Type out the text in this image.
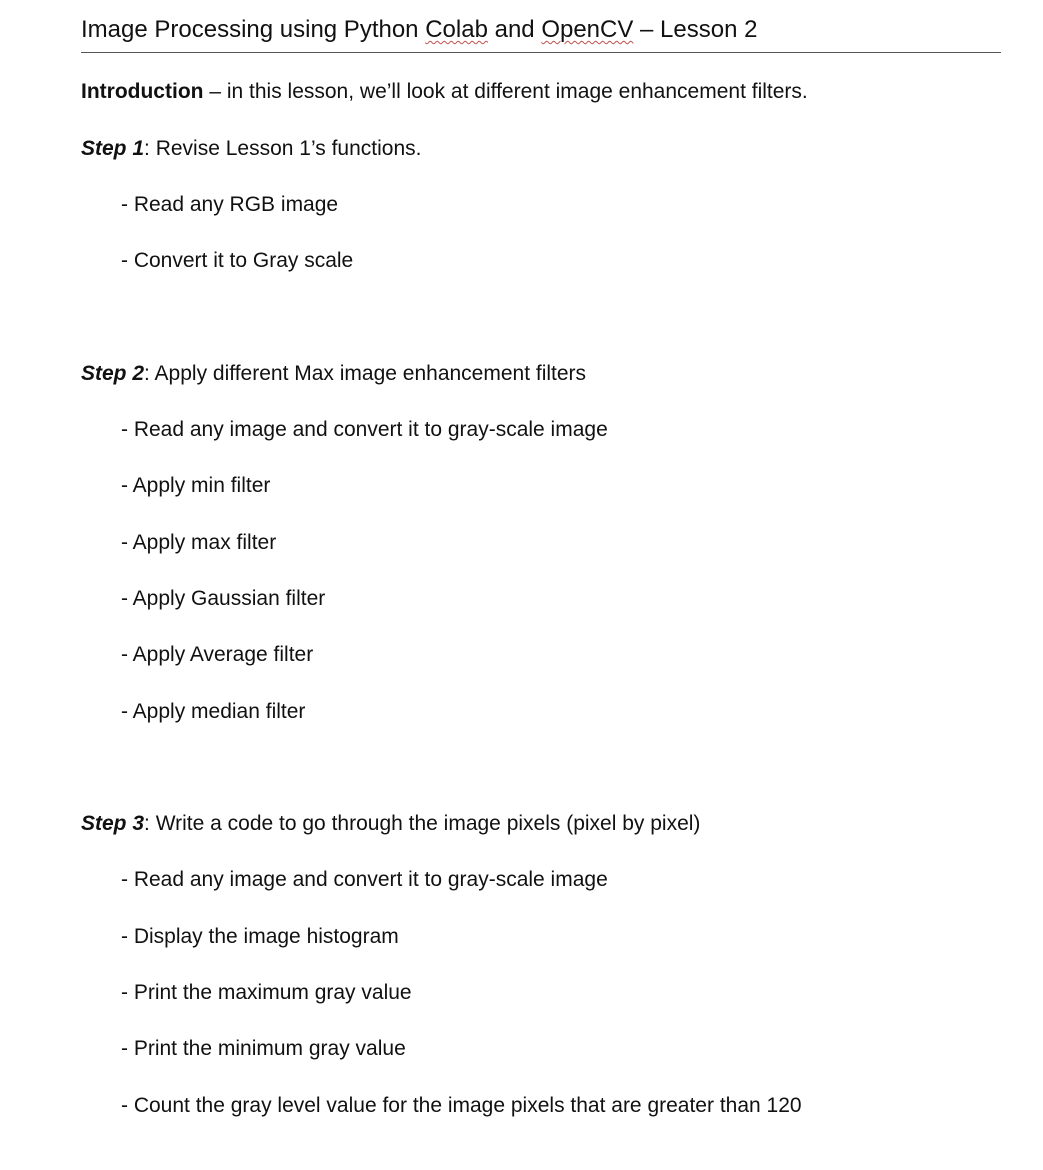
Image Processing using Python Colab and OpenCV – Lesson 2
Introduction – in this lesson, we’ll look at different image enhancement filters.
Step 1: Revise Lesson 1’s functions.
- Read any RGB image
- Convert it to Gray scale
Step 2: Apply different Max image enhancement filters
- Read any image and convert it to gray-scale image
- Apply min filter
- Apply max filter
- Apply Gaussian filter
- Apply Average filter
- Apply median filter
Step 3: Write a code to go through the image pixels (pixel by pixel)
- Read any image and convert it to gray-scale image
- Display the image histogram
- Print the maximum gray value
- Print the minimum gray value
- Count the gray level value for the image pixels that are greater than 120
